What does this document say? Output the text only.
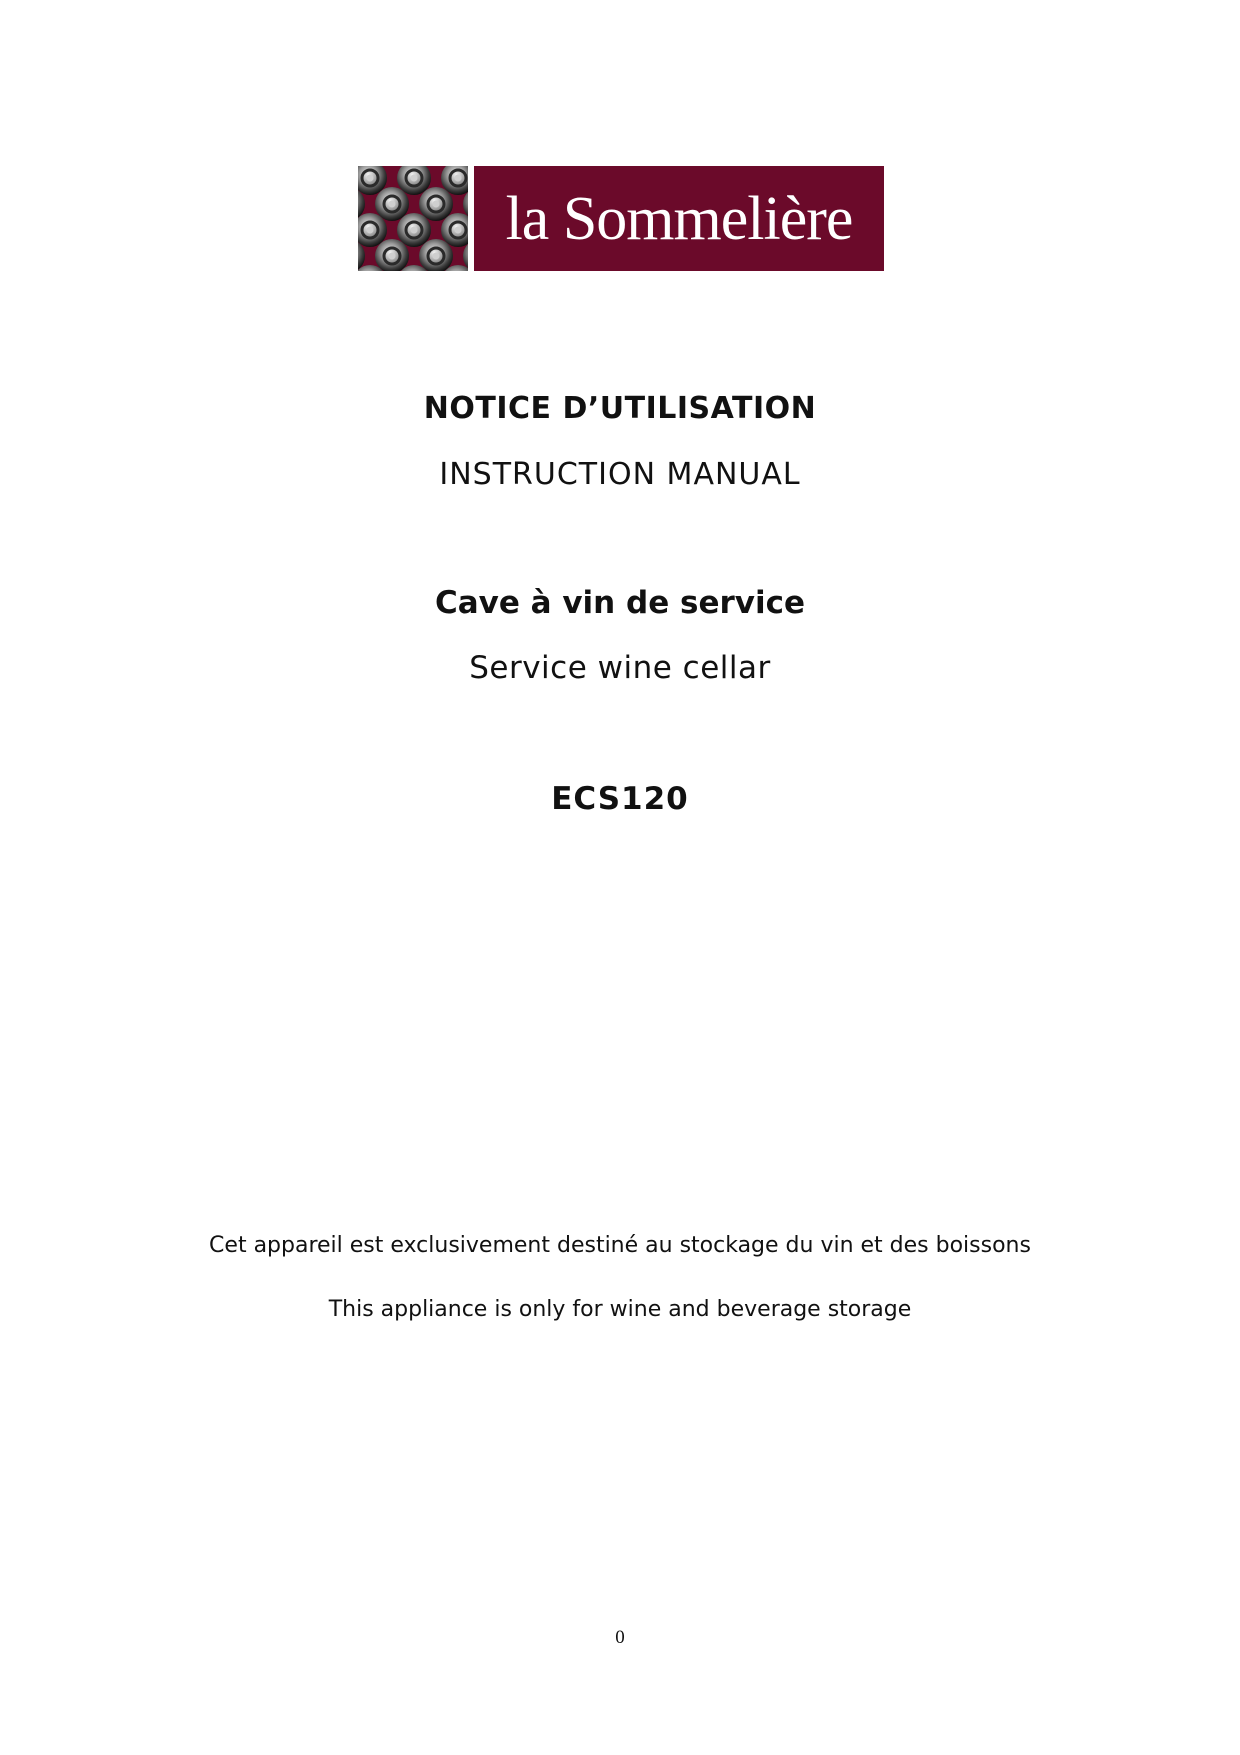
la Sommelière
NOTICE D’UTILISATION
INSTRUCTION MANUAL
Cave à vin de service
Service wine cellar
ECS120
Cet appareil est exclusivement destiné au stockage du vin et des boissons
This appliance is only for wine and beverage storage
0
